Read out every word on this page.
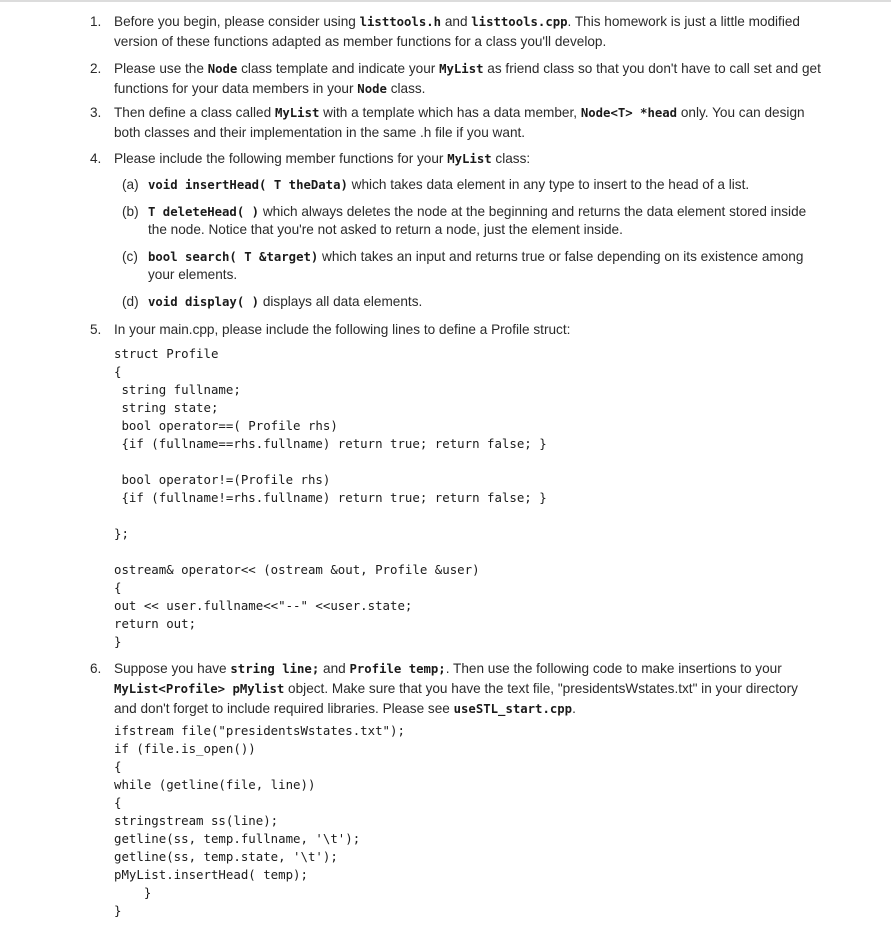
1. Before you begin, please consider using listtools.h and listtools.cpp. This homework is just a little modified version of these functions adapted as member functions for a class you'll develop.
2. Please use the Node class template and indicate your MyList as friend class so that you don't have to call set and get functions for your data members in your Node class.
3. Then define a class called MyList with a template which has a data member, Node<T> *head only. You can design both classes and their implementation in the same .h file if you want.
4. Please include the following member functions for your MyList class:
(a) void insertHead( T theData) which takes data element in any type to insert to the head of a list.
(b) T deleteHead( ) which always deletes the node at the beginning and returns the data element stored inside the node. Notice that you're not asked to return a node, just the element inside.
(c) bool search( T &target) which takes an input and returns true or false depending on its existence among your elements.
(d) void display( ) displays all data elements.
5. In your main.cpp, please include the following lines to define a Profile struct:

struct Profile

{

string fullname;

string state;

bool operator==( Profile rhs)

{if (fullname==rhs.fullname) return true; return false; }

bool operator!=(Profile rhs)

{if (fullname!=rhs.fullname) return true; return false; }

};

ostream& operator<< (ostream &out, Profile &user)

{

out << user.fullname<<"--" <<user.state;

return out;

}

6. Suppose you have string line; and Profile temp;. Then use the following code to make insertions to your MyList<Profile> pMylist object. Make sure that you have the text file, "presidentsWstates.txt" in your directory and don't forget to include required libraries. Please see useSTL_start.cpp.

ifstream file("presidentsWstates.txt");

if (file.is_open())

{

while (getline(file, line))

{

stringstream ss(line);

getline(ss, temp.fullname, '\t');

getline(ss, temp.state, '\t');

pMyList.insertHead( temp);

}

}
